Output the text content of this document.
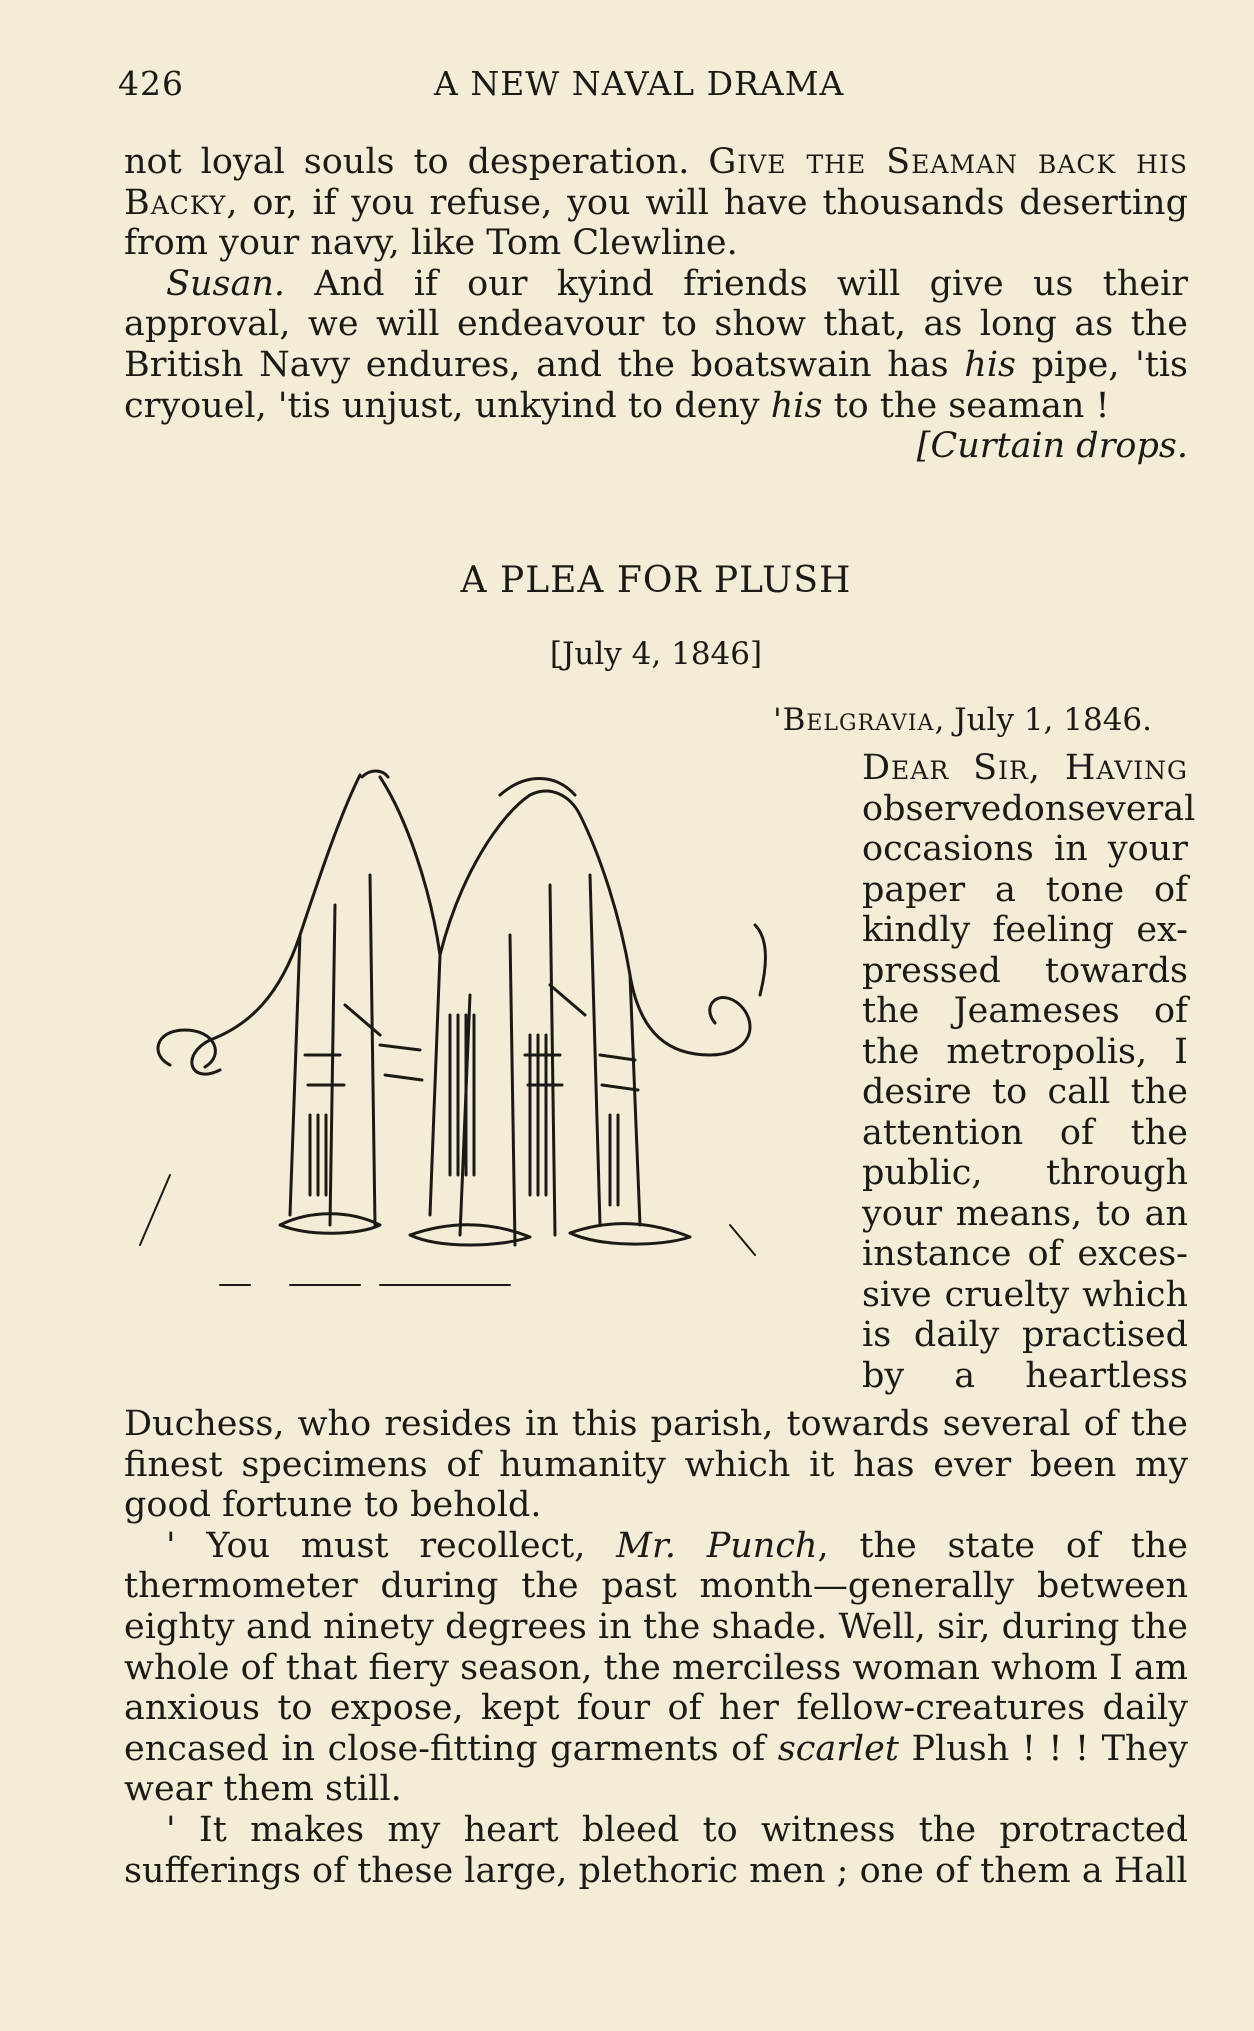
426	A NEW NAVAL DRAMA

not loyal souls to desperation. Give the Seaman back his Backy, or, if you refuse, you will have thousands deserting from your navy, like Tom Clewline.

Susan. And if our kyind friends will give us their approval, we will endeavour to show that, as long as the British Navy endures, and the boatswain has his pipe, 'tis cryouel, 'tis unjust, unkyind to deny his to the seaman !

[Curtain drops.

A PLEA FOR PLUSH
[July 4, 1846]
'Belgravia, July 1, 1846.
Dear Sir, Having
observedonseveral
occasions in your
paper a tone of
kindly feeling ex-
pressed towards
the Jeameses of
the metropolis, I
desire to call the
attention of the
public, through
your means, to an
instance of exces-
sive cruelty which
is daily practised
by a heartless

Duchess, who resides in this parish, towards several of the finest specimens of humanity which it has ever been my good fortune to behold.

' You must recollect, Mr. Punch, the state of the thermometer during the past month—generally between eighty and ninety degrees in the shade. Well, sir, during the whole of that fiery season, the merciless woman whom I am anxious to expose, kept four of her fellow-creatures daily encased in close-fitting garments of scarlet Plush ! ! ! They wear them still.

' It makes my heart bleed to witness the protracted sufferings of these large, plethoric men ; one of them a Hall
